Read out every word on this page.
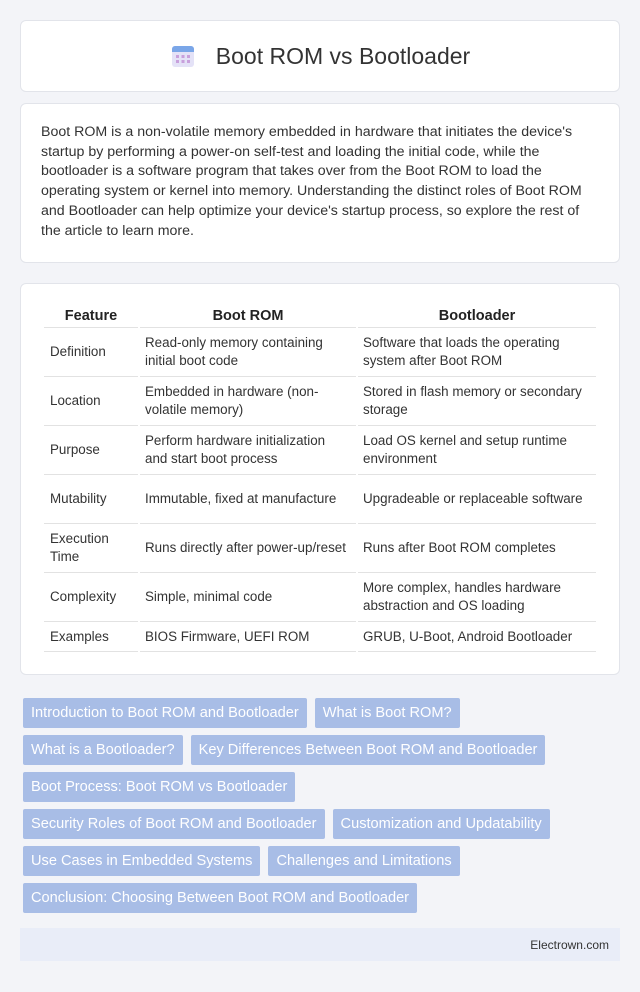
Boot ROM vs Bootloader

Boot ROM is a non-volatile memory embedded in hardware that initiates the device's startup by performing a power-on self-test and loading the initial code, while the bootloader is a software program that takes over from the Boot ROM to load the operating system or kernel into memory. Understanding the distinct roles of Boot ROM and Bootloader can help optimize your device's startup process, so explore the rest of the article to learn more.

Feature	Boot ROM	Bootloader
Definition	Read-only memory containing initial boot code	Software that loads the operating system after Boot ROM
Location	Embedded in hardware (non-volatile memory)	Stored in flash memory or secondary storage
Purpose	Perform hardware initialization and start boot process	Load OS kernel and setup runtime environment
Mutability	Immutable, fixed at manufacture	Upgradeable or replaceable software
Execution Time	Runs directly after power-up/reset	Runs after Boot ROM completes
Complexity	Simple, minimal code	More complex, handles hardware abstraction and OS loading
Examples	BIOS Firmware, UEFI ROM	GRUB, U-Boot, Android Bootloader
Introduction to Boot ROM and Bootloader	What is Boot ROM?
What is a Bootloader?	Key Differences Between Boot ROM and Bootloader
Boot Process: Boot ROM vs Bootloader
Security Roles of Boot ROM and Bootloader	Customization and Updatability
Use Cases in Embedded Systems	Challenges and Limitations
Conclusion: Choosing Between Boot ROM and Bootloader
Electrown.com
